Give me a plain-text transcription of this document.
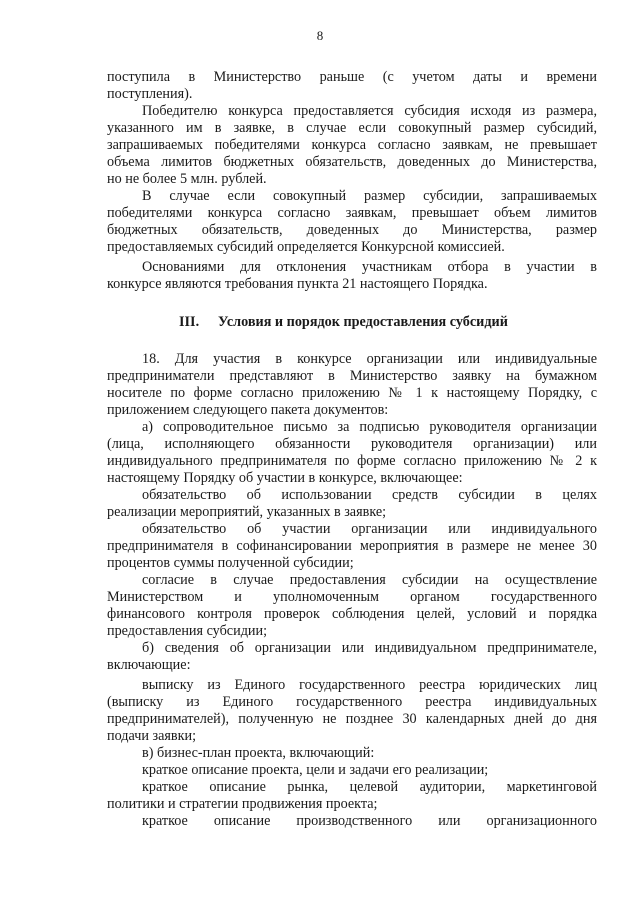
8
поступила в Министерство раньше (с учетом даты и времени
поступления).
Победителю конкурса предоставляется субсидия исходя из размера,
указанного им в заявке, в случае если совокупный размер субсидий,
запрашиваемых победителями конкурса согласно заявкам, не превышает
объема лимитов бюджетных обязательств, доведенных до Министерства,
но не более 5 млн. рублей.
В случае если совокупный размер субсидии, запрашиваемых
победителями конкурса согласно заявкам, превышает объем лимитов
бюджетных обязательств, доведенных до Министерства, размер
предоставляемых субсидий определяется Конкурсной комиссией.
Основаниями для отклонения участникам отбора в участии в
конкурсе являются требования пункта 21 настоящего Порядка.
III. Условия и порядок предоставления субсидий
18. Для участия в конкурсе организации или индивидуальные
предприниматели представляют в Министерство заявку на бумажном
носителе по форме согласно приложению № 1 к настоящему Порядку, с
приложением следующего пакета документов:
а) сопроводительное письмо за подписью руководителя организации
(лица, исполняющего обязанности руководителя организации) или
индивидуального предпринимателя по форме согласно приложению № 2 к
настоящему Порядку об участии в конкурсе, включающее:
обязательство об использовании средств субсидии в целях
реализации мероприятий, указанных в заявке;
обязательство об участии организации или индивидуального
предпринимателя в софинансировании мероприятия в размере не менее 30
процентов суммы полученной субсидии;
согласие в случае предоставления субсидии на осуществление
Министерством и уполномоченным органом государственного
финансового контроля проверок соблюдения целей, условий и порядка
предоставления субсидии;
б) сведения об организации или индивидуальном предпринимателе,
включающие:
выписку из Единого государственного реестра юридических лиц
(выписку из Единого государственного реестра индивидуальных
предпринимателей), полученную не позднее 30 календарных дней до дня
подачи заявки;
в) бизнес-план проекта, включающий:
краткое описание проекта, цели и задачи его реализации;
краткое описание рынка, целевой аудитории, маркетинговой
политики и стратегии продвижения проекта;
краткое описание производственного или организационного
